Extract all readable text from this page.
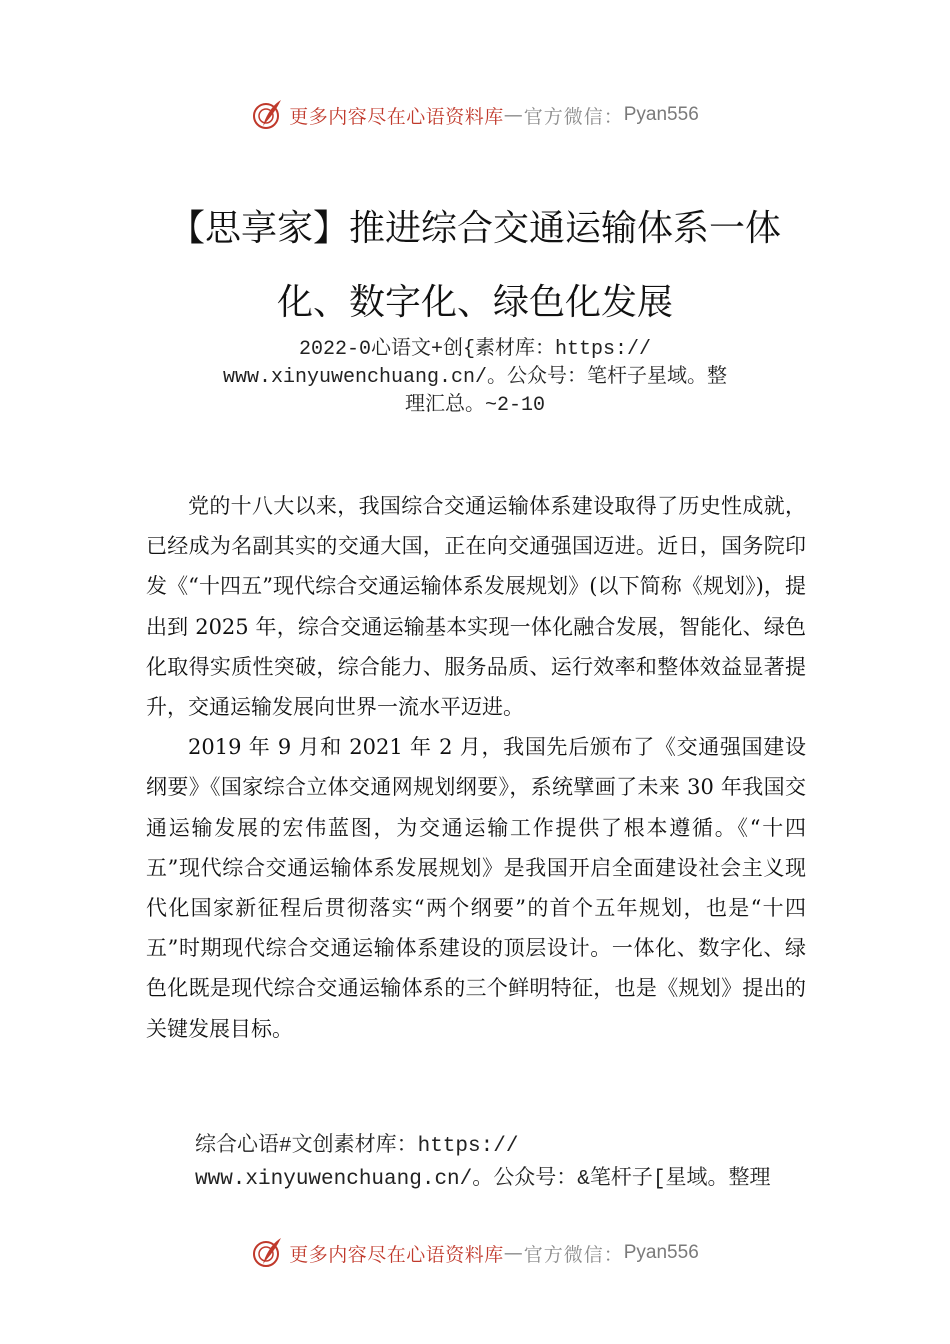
更多内容尽在心语资料库 — 官方微信： Pyan556
【思享家】推进综合交通运输体系一体
化、数字化、绿色化发展
2022-0心语文+创{素材库：https://
www.xinyuwenchuang.cn/。公众号：笔杆子星域。整
理汇总。~2-10

党的十八大以来，我国综合交通运输体系建设取得了历史性成就，已经成为名副其实的交通大国，正在向交通强国迈进。近日，国务院印发《“十四五”现代综合交通运输体系发展规划》(以下简称《规划》)，提出到 2025 年，综合交通运输基本实现一体化融合发展，智能化、绿色化取得实质性突破，综合能力、服务品质、运行效率和整体效益显著提升，交通运输发展向世界一流水平迈进。

2019 年 9 月和 2021 年 2 月，我国先后颁布了《交通强国建设纲要》《国家综合立体交通网规划纲要》，系统擘画了未来 30 年我国交通运输发展的宏伟蓝图，为交通运输工作提供了根本遵循。《“十四五”现代综合交通运输体系发展规划》是我国开启全面建设社会主义现代化国家新征程后贯彻落实“两个纲要”的首个五年规划，也是“十四五”时期现代综合交通运输体系建设的顶层设计。一体化、数字化、绿色化既是现代综合交通运输体系的三个鲜明特征，也是《规划》提出的关键发展目标。

综合心语#文创素材库：https://
www.xinyuwenchuang.cn/。公众号：&笔杆子[星域。整理
更多内容尽在心语资料库 — 官方微信： Pyan556
